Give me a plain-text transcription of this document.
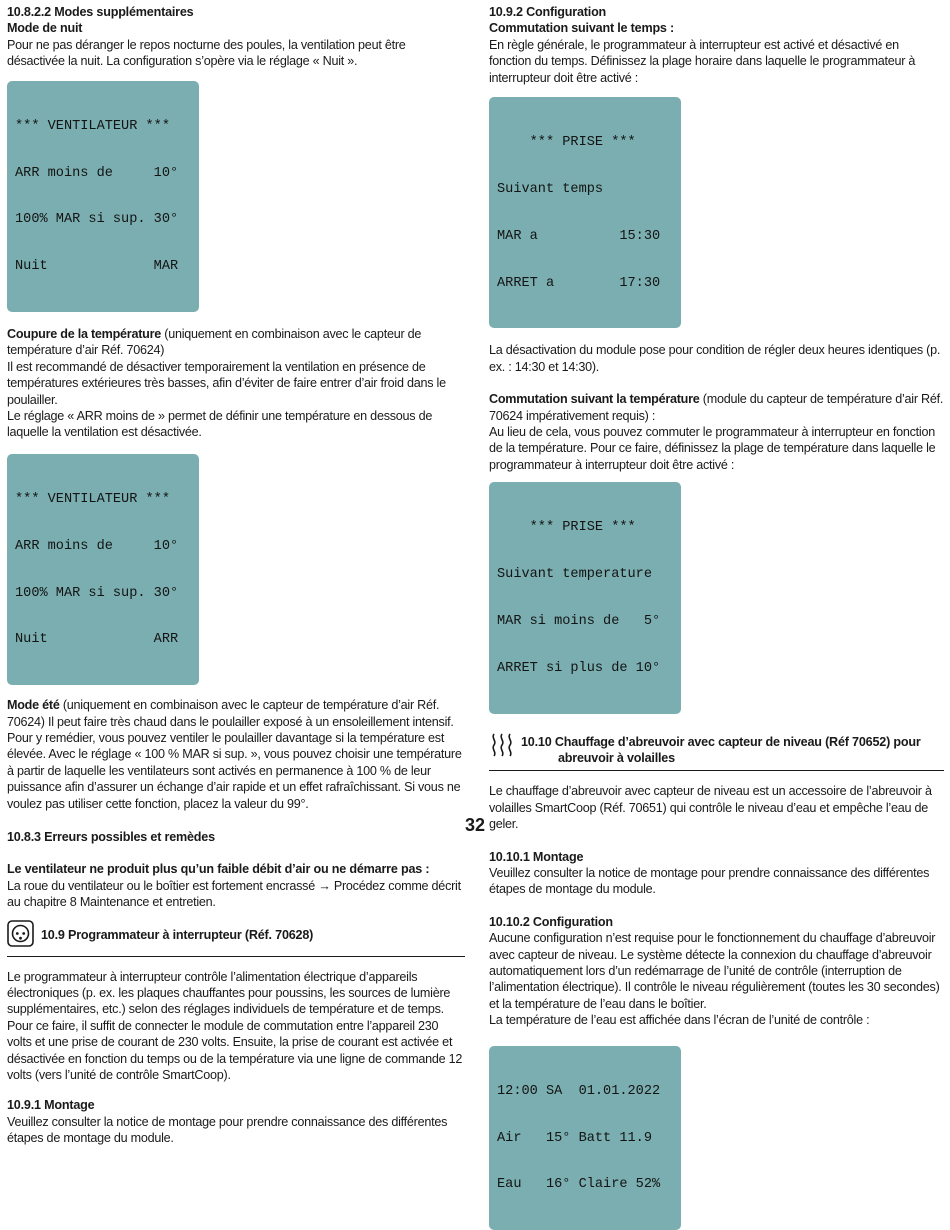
10.8.2.2 Modes supplémentaires
Mode de nuit
Pour ne pas déranger le repos nocturne des poules, la ventilation peut être désactivée la nuit. La configuration s’opère via le réglage « Nuit ».

*** VENTILATEUR ***

ARR moins de     10°

100% MAR si sup. 30°

Nuit             MAR

Coupure de la température (uniquement en combinaison avec le capteur de température d’air Réf. 70624)
Il est recommandé de désactiver temporairement la ventilation en présence de températures extérieures très basses, afin d’éviter de faire entrer d’air froid dans le poulailler.
Le réglage « ARR moins de » permet de définir une température en dessous de laquelle la ventilation est désactivée.

*** VENTILATEUR ***

ARR moins de     10°

100% MAR si sup. 30°

Nuit             ARR

Mode été (uniquement en combinaison avec le capteur de température d’air Réf. 70624) Il peut faire très chaud dans le poulailler exposé à un ensoleillement intensif. Pour y remédier, vous pouvez ventiler le poulailler davantage si la température est élevée. Avec le réglage « 100 % MAR si sup. », vous pouvez choisir une température à partir de laquelle les ventilateurs sont activés en permanence à 100 % de leur puissance afin d’assurer un échange d’air rapide et un effet rafraîchissant. Si vous ne voulez pas utiliser cette fonction, placez la valeur du 99°.
10.8.3 Erreurs possibles et remèdes
Le ventilateur ne produit plus qu’un faible débit d’air ou ne démarre pas :
La roue du ventilateur ou le boîtier est fortement encrassé → Procédez comme décrit au chapitre 8 Maintenance et entretien.
10.9 Programmateur à interrupteur (Réf. 70628)
Le programmateur à interrupteur contrôle l’alimentation électrique d’appareils électroniques (p. ex. les plaques chauffantes pour poussins, les sources de lumière supplémentaires, etc.) selon des réglages individuels de température et de temps. Pour ce faire, il suffit de connecter le module de commutation entre l’appareil 230 volts et une prise de courant de 230 volts. Ensuite, la prise de courant est activée et désactivée en fonction du temps ou de la température via une ligne de commande 12 volts (vers l’unité de contrôle SmartCoop).
10.9.1 Montage
Veuillez consulter la notice de montage pour prendre connaissance des différentes étapes de montage du module.
10.9.2 Configuration
Commutation suivant le temps :
En règle générale, le programmateur à interrupteur est activé et désactivé en fonction du temps. Définissez la plage horaire dans laquelle le programmateur à interrupteur doit être activé :

*** PRISE ***

Suivant temps

MAR a          15:30

ARRET a        17:30

La désactivation du module pose pour condition de régler deux heures identiques (p. ex. : 14:30 et 14:30).
Commutation suivant la température (module du capteur de température d’air Réf. 70624 impérativement requis) :
Au lieu de cela, vous pouvez commuter le programmateur à interrupteur en fonction de la température. Pour ce faire, définissez la plage de température dans laquelle le programmateur à interrupteur doit être activé :

*** PRISE ***

Suivant temperature

MAR si moins de   5°

ARRET si plus de 10°

10.10 Chauffage d’abreuvoir avec capteur de niveau (Réf 70652) pour
abreuvoir à volailles
Le chauffage d’abreuvoir avec capteur de niveau est un accessoire de l’abreuvoir à volailles SmartCoop (Réf. 70651) qui contrôle le niveau d’eau et empêche l’eau de geler.
10.10.1 Montage
Veuillez consulter la notice de montage pour prendre connaissance des différentes étapes de montage du module.
10.10.2 Configuration
Aucune configuration n’est requise pour le fonctionnement du chauffage d’abreuvoir avec capteur de niveau. Le système détecte la connexion du chauffage d’abreuvoir automatiquement lors d’un redémarrage de l’unité de contrôle (interruption de l’alimentation électrique). Il contrôle le niveau régulièrement (toutes les 30 secondes) et la température de l’eau dans le boîtier.
La température de l’eau est affichée dans l’écran de l’unité de contrôle :

12:00 SA  01.01.2022

Air   15° Batt 11.9

Eau   16° Claire 52%

32
